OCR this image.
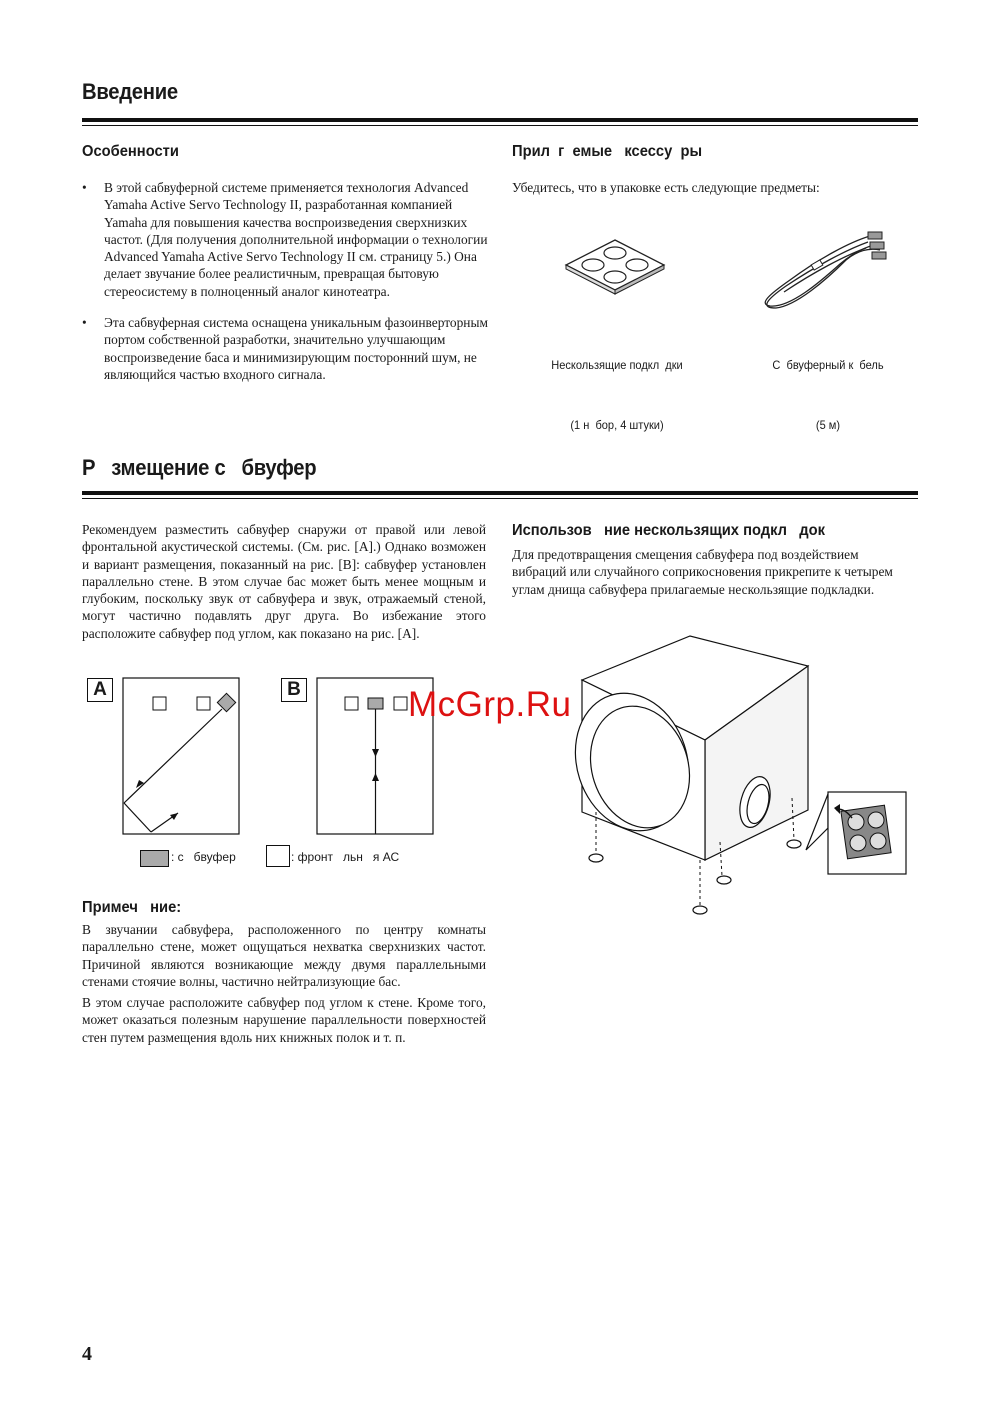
Введение
Особенности
• В этой сабвуферной системе применяется технология Advanced Yamaha Active Servo Technology II, разработанная компанией Yamaha для повышения качества воспроизведения сверхнизких частот. (Для получения дополнительной информации о технологии Advanced Yamaha Active Servo Technology II см. страницу 5.) Она делает звучание более реалистичным, превращая бытовую стереосистему в полноценный аналог кинотеатра.
• Эта сабвуферная система оснащена уникальным фазоинверторным портом собственной разработки, значительно улучшающим воспроизведение баса и минимизирующим посторонний шум, не являющийся частью входного сигнала.
Прил  г  емые   ксессу  ры
Убедитесь, что в упаковке есть следующие предметы:

Нескользящие подкл  дки

(1 н  бор, 4 штуки)

С  бвуферный к  бель

(5 м)

Р   змещение с   бвуфер
Рекомендуем разместить сабвуфер снаружи от правой или левой фронтальной акустической системы. (См. рис. [A].) Однако возможен и вариант размещения, показанный на рис. [B]: сабвуфер установлен параллельно стене. В этом случае бас может быть менее мощным и глубоким, поскольку звук от сабвуфера и звук, отражаемый стеной, могут частично подавлять друг друга. Во избежание этого расположите сабвуфер под углом, как показано на рис. [A].
A	B
: с   бвуфер	: фронт   льн   я АС
Примеч   ние:
В звучании сабвуфера, расположенного по центру комнаты параллельно стене, может ощущаться нехватка сверхнизких частот. Причиной являются возникающие между двумя параллельными стенами стоячие волны, частично нейтрализующие бас.
В этом случае расположите сабвуфер под углом к стене. Кроме того, может оказаться полезным нарушение параллельности поверхностей стен путем размещения вдоль них книжных полок и т. п.
Использов   ние нескользящих подкл   док
Для предотвращения смещения сабвуфера под воздействием вибраций или случайного соприкосновения прикрепите к четырем углам днища сабвуфера прилагаемые нескользящие подкладки.
McGrp.Ru
4
